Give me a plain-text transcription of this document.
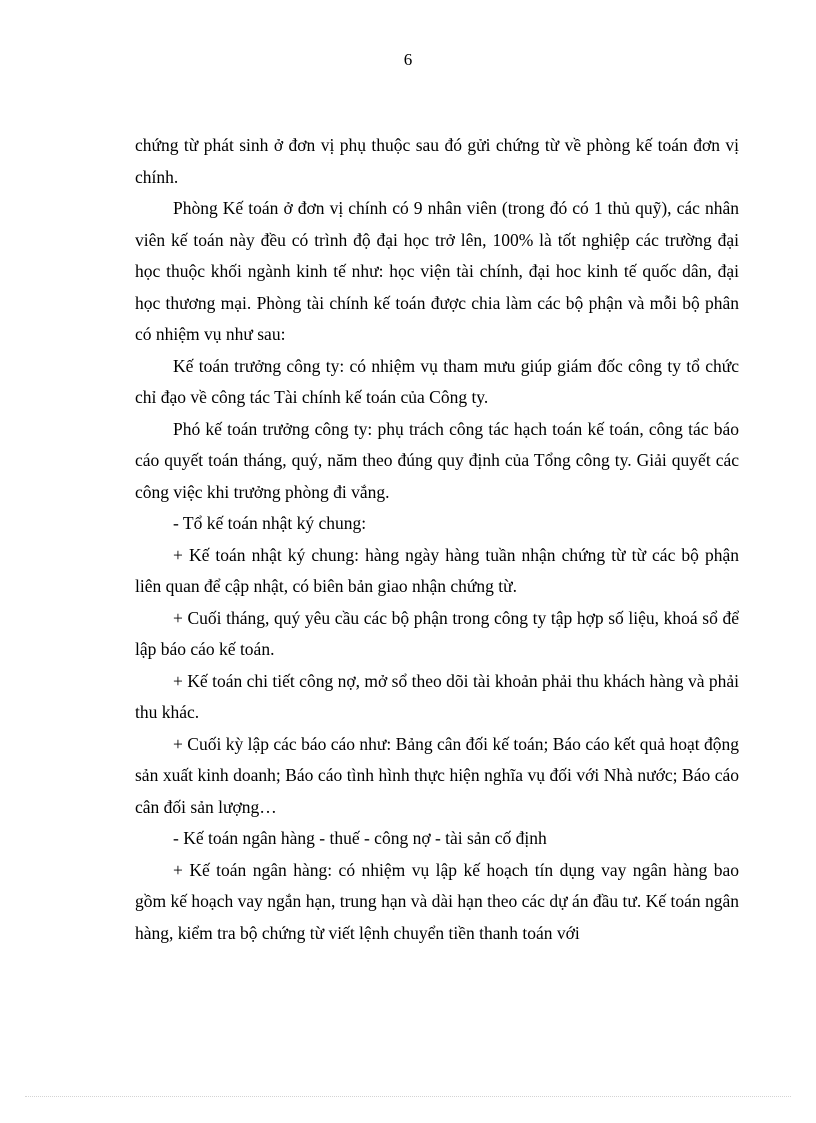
6

chứng từ phát sinh ở đơn vị phụ thuộc sau đó gửi chứng từ về phòng kế toán đơn vị chính.

Phòng Kế toán ở đơn vị chính có 9 nhân viên (trong đó có 1 thủ quỹ), các nhân viên kế toán này đều có trình độ đại học trở lên, 100% là tốt nghiệp các trường đại học thuộc khối ngành kinh tế như: học viện tài chính, đại hoc kinh tế quốc dân, đại học thương mại. Phòng tài chính kế toán được chia làm các bộ phận và mỗi bộ phân có nhiệm vụ như sau:

Kế toán trưởng công ty: có nhiệm vụ tham mưu giúp giám đốc công ty tổ chức chỉ đạo về công tác Tài chính kế toán của Công ty.

Phó kế toán trưởng công ty: phụ trách công tác hạch toán kế toán, công tác báo cáo quyết toán tháng, quý, năm theo đúng quy định của Tổng công ty. Giải quyết các công việc khi trưởng phòng đi vắng.

- Tổ kế toán nhật ký chung:

+ Kế toán nhật ký chung: hàng ngày hàng tuần nhận chứng từ từ các bộ phận liên quan để cập nhật, có biên bản giao nhận chứng từ.

+ Cuối tháng, quý yêu cầu các bộ phận trong công ty tập hợp số liệu, khoá sổ để lập báo cáo kế toán.

+ Kế toán chi tiết công nợ, mở sổ theo dõi tài khoản phải thu khách hàng và phải thu khác.

+ Cuối kỳ lập các báo cáo như: Bảng cân đối kế toán; Báo cáo kết quả hoạt động sản xuất kinh doanh; Báo cáo tình hình thực hiện nghĩa vụ đối với Nhà nước; Báo cáo cân đối sản lượng…

- Kế toán ngân hàng - thuế - công nợ - tài sản cố định

+ Kế toán ngân hàng: có nhiệm vụ lập kế hoạch tín dụng vay ngân hàng bao gồm kế hoạch vay ngắn hạn, trung hạn và dài hạn theo các dự án đầu tư. Kế toán ngân hàng, kiểm tra bộ chứng từ viết lệnh chuyển tiền thanh toán với
